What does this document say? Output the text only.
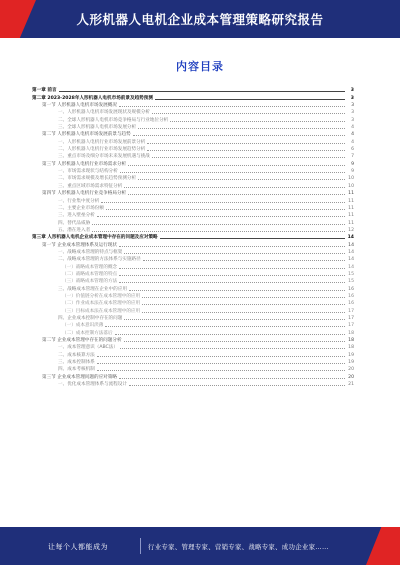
人形机器人电机企业成本管理策略研究报告
内容目录
第一章 前言	3
第二章 2023-2028年人形机器人电机市场前景及趋势预测	3
第一节 人形机器人电机市场发展概况	3
一、人形机器人电机市场发展现状及规模分析	3
二、全球人形机器人电机市场竞争格局与行业地位分析	3
三、全球人形机器人电机市场发展分析	4
第二节 人形机器人电机市场发展前景与趋势	4
一、人形机器人电机行业市场发展前景分析	4
二、人形机器人电机行业市场发展趋势分析	6
三、重点市场及细分市场未来发展机遇与挑战	7
第三节 人形机器人电机行业市场需求分析	9
一、市场需求现状与结构分析	9
二、市场需求规模及增长趋势预测分析	10
三、重点区域市场需求特征分析	10
第四节 人形机器人电机行业竞争格局分析	11
一、行业集中度分析	11
二、主要企业市场份额	11
三、进入壁垒分析	11
四、替代品威胁	11
五、潜在进入者	12
第三章 人形机器人电机企业成本管理中存在的问题及应对策略	14
第一节 企业成本管理体系及运行现状	14
一、战略成本管理的特点与框架	14
二、战略成本管理的方法体系与实施路径	14
（一）战略成本管理的概念	14
（二）战略成本管理的特点	15
（三）战略成本管理的方法	15
三、战略成本管理在企业中的应用	16
（一）价值链分析在成本管理中的应用	16
（二）作业成本法在成本管理中的应用	16
（三）目标成本法在成本管理中的应用	17
四、企业成本控制中存在的问题	17
（一）成本意识淡薄	17
（二）成本控制方法落后	18
第二节 企业成本管理中存在的问题分析	18
一、成本管理意识（ABC法）	18
二、成本核算方法	19
三、成本控制体系	19
四、成本考核机制	20
第三节 企业成本管理问题的应对策略	20
一、优化成本管理体系与流程设计	21
让每个人都能成为	行业专家、管理专家、营销专家、战略专家、成功企业家……
